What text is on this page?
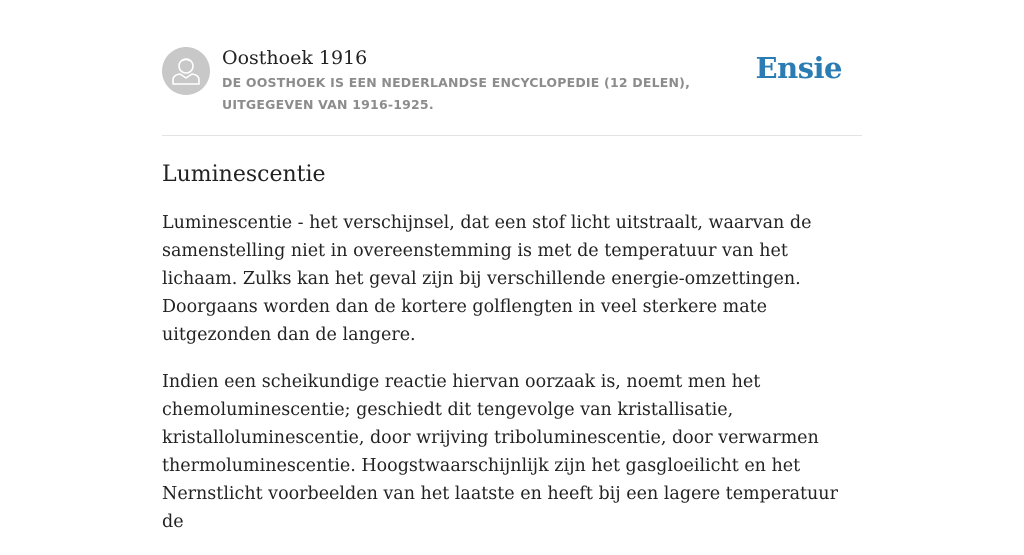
Oosthoek 1916
DE OOSTHOEK IS EEN NEDERLANDSE ENCYCLOPEDIE (12 DELEN), UITGEGEVEN VAN 1916-1925.
Ensie
Luminescentie

Luminescentie - het verschijnsel, dat een stof licht uitstraalt, waarvan de samenstelling niet in overeenstemming is met de temperatuur van het lichaam. Zulks kan het geval zijn bij verschillende energie-omzettingen. Doorgaans worden dan de kortere golflengten in veel sterkere mate uitgezonden dan de langere.

Indien een scheikundige reactie hiervan oorzaak is, noemt men het chemoluminescentie; geschiedt dit tengevolge van kristallisatie, kristalloluminescentie, door wrijving triboluminescentie, door verwarmen thermoluminescentie. Hoogstwaarschijnlijk zijn het gasgloeilicht en het Nernstlicht voorbeelden van het laatste en heeft bij een lagere temperatuur de
